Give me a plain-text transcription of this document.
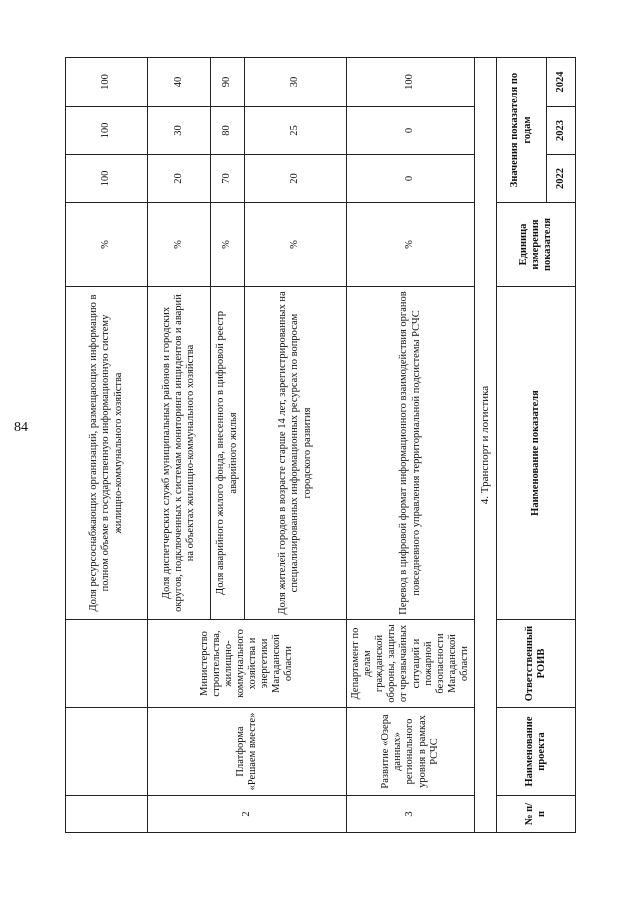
84
				Доля ресурсоснабжающих организаций, размещающих информацию в полном объеме в государственную информационную систему жилищно-коммунального хозяйства	%	100	100	100
2	Платформа «Решаем вместе»	Министерство строительства, жилищно-коммунального хозяйства и энергетики Магаданской области	Доля диспетчерских служб муниципальных районов и городских округов, подключенных к системам мониторинга инцидентов и аварий на объектах жилищно-коммунального хозяйства	%	20	30	40
			Доля аварийного жилого фонда, внесенного в цифровой реестр аварийного жилья	%	70	80	90
			Доля жителей городов в возрасте старше 14 лет, зарегистрированных на специализированных информационных ресурсах по вопросам городского развития	%	20	25	30
3	Развитие «Озера данных» регионального уровня в рамках РСЧС	Департамент по делам гражданской обороны, защиты от чрезвычайных ситуаций и пожарной безопасности Магаданской области	Перевод в цифровой формат информационного взаимодействия органов повседневного управления территориальной подсистемы РСЧС	%	0	0	100
4. Транспорт и логистика							
№ п/п	Наименование проекта	Ответственный РОИВ	Наименование показателя	Единица измерения показателя	Значения показателя по годам		
					2022	2023	2024
